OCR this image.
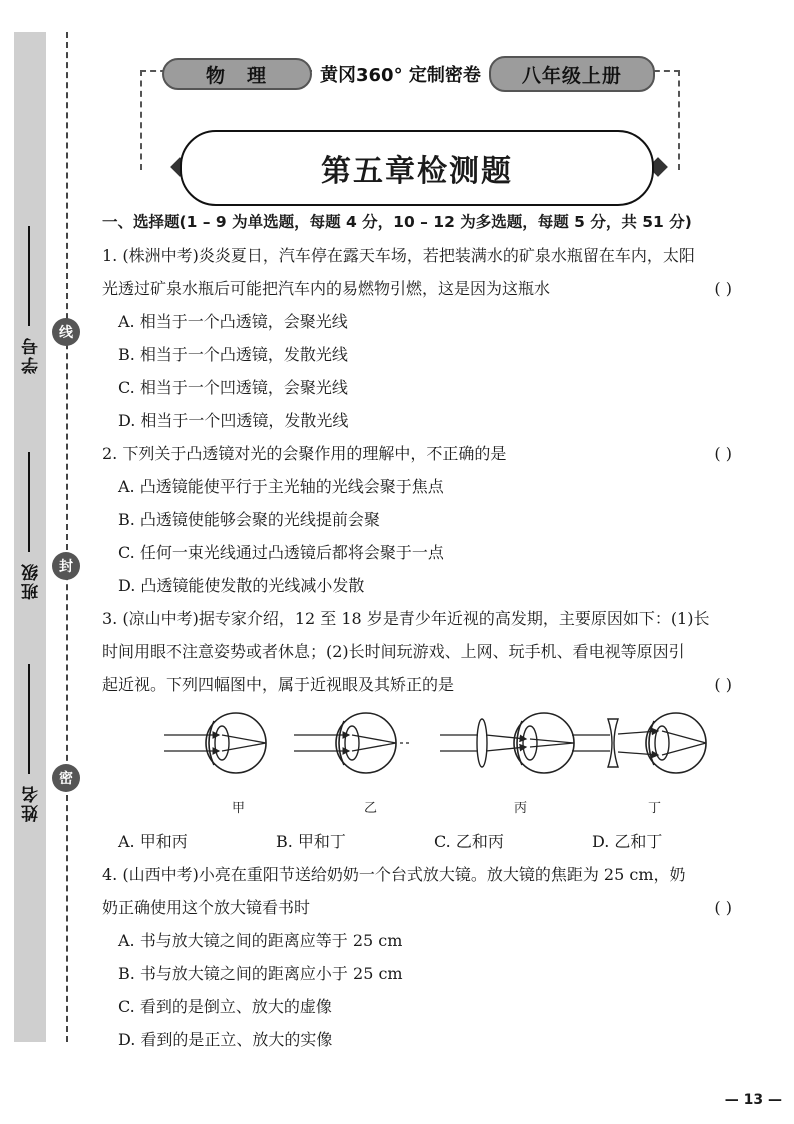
学号
班级
姓名
线
封
密
物理	黄冈360° 定制密卷	八年级上册
第五章检测题
一、选择题(1 – 9 为单选题，每题 4 分，10 – 12 为多选题，每题 5 分，共 51 分)
1. (株洲中考)炎炎夏日，汽车停在露天车场，若把装满水的矿泉水瓶留在车内，太阳
光透过矿泉水瓶后可能把汽车内的易燃物引燃，这是因为这瓶水	( )
A. 相当于一个凸透镜，会聚光线
B. 相当于一个凸透镜，发散光线
C. 相当于一个凹透镜，会聚光线
D. 相当于一个凹透镜，发散光线
2. 下列关于凸透镜对光的会聚作用的理解中，不正确的是	( )
A. 凸透镜能使平行于主光轴的光线会聚于焦点
B. 凸透镜使能够会聚的光线提前会聚
C. 任何一束光线通过凸透镜后都将会聚于一点
D. 凸透镜能使发散的光线减小发散
3. (凉山中考)据专家介绍，12 至 18 岁是青少年近视的高发期，主要原因如下：(1)长
时间用眼不注意姿势或者休息；(2)长时间玩游戏、上网、玩手机、看电视等原因引
起近视。下列四幅图中，属于近视眼及其矫正的是	( )
甲	乙	丙	丁
A. 甲和丙	B. 甲和丁	C. 乙和丙	D. 乙和丁
4. (山西中考)小亮在重阳节送给奶奶一个台式放大镜。放大镜的焦距为 25 cm，奶
奶正确使用这个放大镜看书时	( )
A. 书与放大镜之间的距离应等于 25 cm
B. 书与放大镜之间的距离应小于 25 cm
C. 看到的是倒立、放大的虚像
D. 看到的是正立、放大的实像
— 13 —
